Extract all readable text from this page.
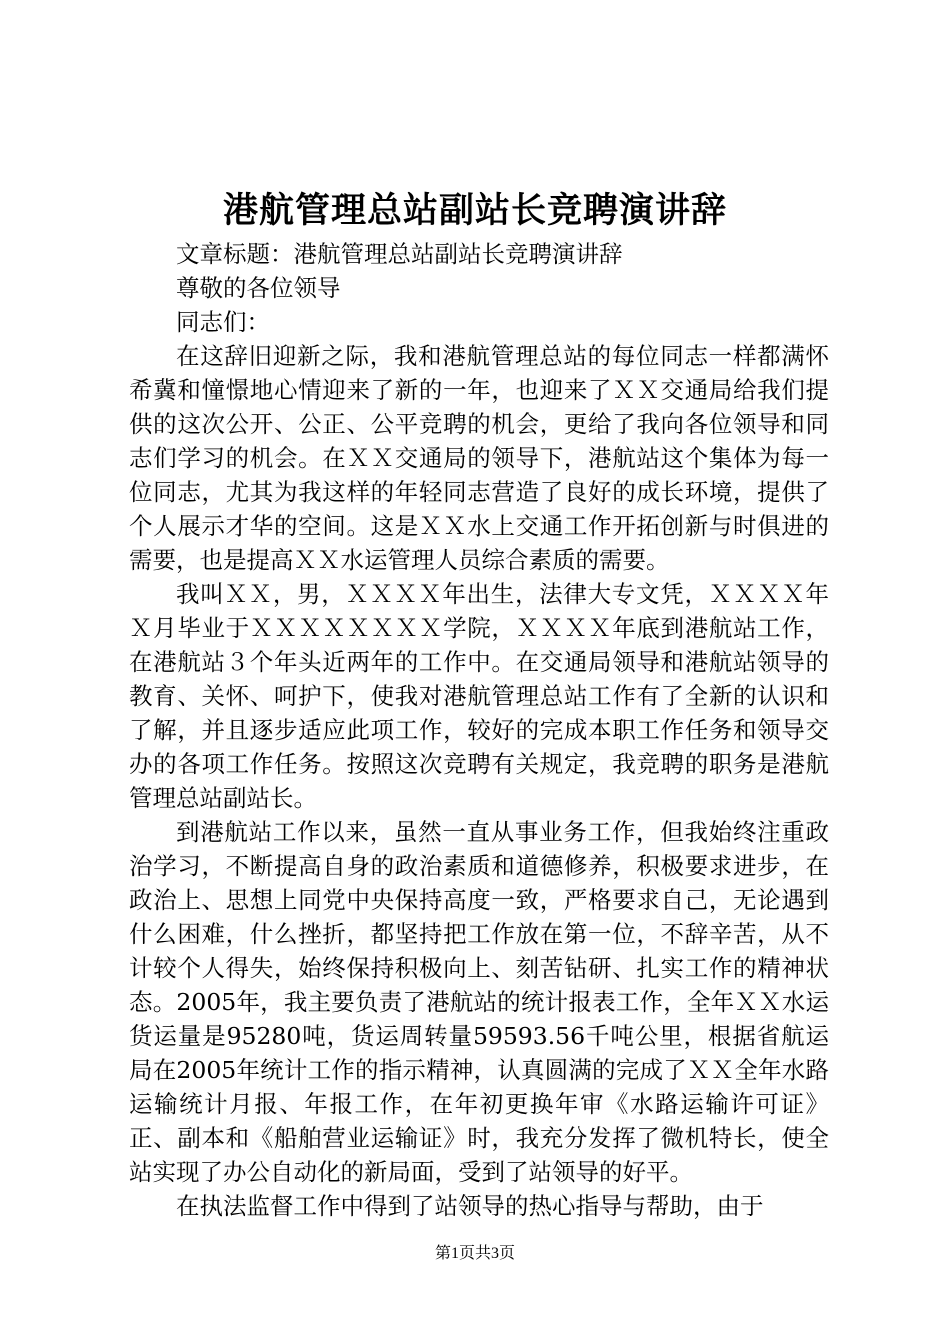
港航管理总站副站长竞聘演讲辞

文章标题：港航管理总站副站长竞聘演讲辞

尊敬的各位领导

同志们：

在这辞旧迎新之际，我和港航管理总站的每位同志一样都满怀希冀和憧憬地心情迎来了新的一年，也迎来了ＸＸ交通局给我们提供的这次公开、公正、公平竞聘的机会，更给了我向各位领导和同志们学习的机会。在ＸＸ交通局的领导下，港航站这个集体为每一位同志，尤其为我这样的年轻同志营造了良好的成长环境，提供了个人展示才华的空间。这是ＸＸ水上交通工作开拓创新与时俱进的需要，也是提高ＸＸ水运管理人员综合素质的需要。

我叫ＸＸ，男，ＸＸＸＸ年出生，法律大专文凭，ＸＸＸＸ年Ｘ月毕业于ＸＸＸＸＸＸＸＸ学院，ＸＸＸＸ年底到港航站工作，在港航站３个年头近两年的工作中。在交通局领导和港航站领导的教育、关怀、呵护下，使我对港航管理总站工作有了全新的认识和了解，并且逐步适应此项工作，较好的完成本职工作任务和领导交办的各项工作任务。按照这次竞聘有关规定，我竞聘的职务是港航管理总站副站长。

到港航站工作以来，虽然一直从事业务工作，但我始终注重政治学习，不断提高自身的政治素质和道德修养，积极要求进步，在政治上、思想上同党中央保持高度一致，严格要求自己，无论遇到什么困难，什么挫折，都坚持把工作放在第一位，不辞辛苦，从不计较个人得失，始终保持积极向上、刻苦钻研、扎实工作的精神状态。2005年，我主要负责了港航站的统计报表工作，全年ＸＸ水运货运量是95280吨，货运周转量59593.56千吨公里，根据省航运局在2005年统计工作的指示精神，认真圆满的完成了ＸＸ全年水路运输统计月报、年报工作，在年初更换年审《水路运输许可证》正、副本和《船舶营业运输证》时，我充分发挥了微机特长，使全站实现了办公自动化的新局面，受到了站领导的好平。

在执法监督工作中得到了站领导的热心指导与帮助，由于

第1页共3页
